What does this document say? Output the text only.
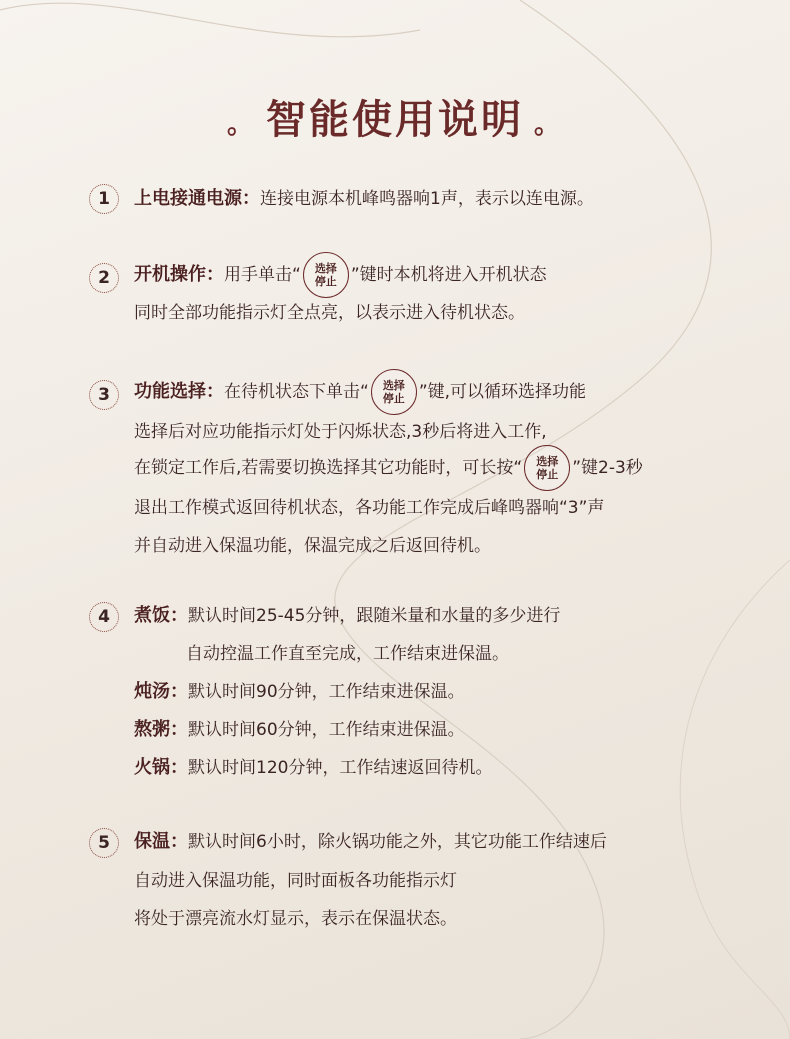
。 智能使用说明 。
1	上电接通电源： 连接电源本机峰鸣器响1声，表示以连电源。
2	开机操作： 用手单击“ 选择
停止 ”键时本机将进入开机状态
同时全部功能指示灯全点亮，以表示进入待机状态。
3	功能选择： 在待机状态下单击“ 选择
停止 ”键,可以循环选择功能
选择后对应功能指示灯处于闪烁状态,3秒后将进入工作,
在锁定工作后,若需要切换选择其它功能时，可长按“ 选择
停止 ”键2-3秒
退出工作模式返回待机状态，各功能工作完成后峰鸣器响“3”声
并自动进入保温功能，保温完成之后返回待机。
4	煮饭： 默认时间25-45分钟，跟随米量和水量的多少进行
自动控温工作直至完成，工作结束进保温。
炖汤： 默认时间90分钟，工作结束进保温。
熬粥： 默认时间60分钟，工作结束进保温。
火锅： 默认时间120分钟，工作结速返回待机。
5	保温： 默认时间6小时，除火锅功能之外，其它功能工作结速后
自动进入保温功能，同时面板各功能指示灯
将处于漂亮流水灯显示，表示在保温状态。
